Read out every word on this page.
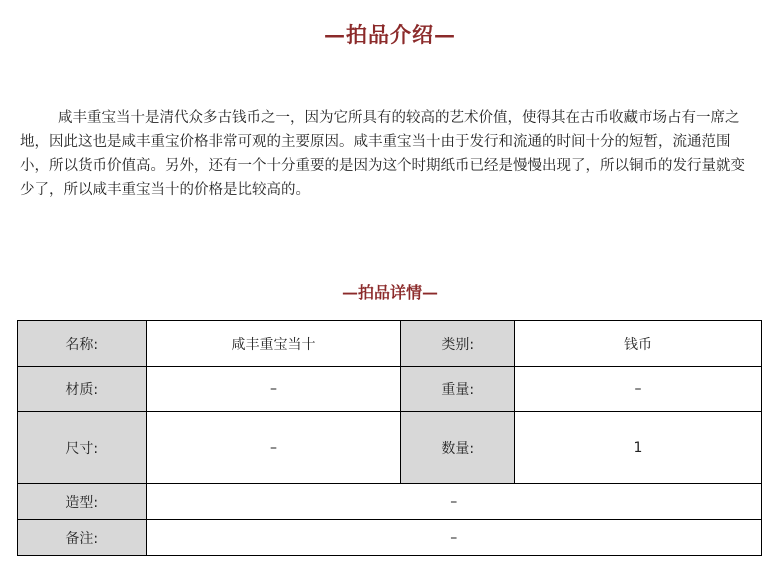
—拍品介绍—

咸丰重宝当十是清代众多古钱币之一，因为它所具有的较高的艺术价值，使得其在古币收藏市场占有一席之地，因此这也是咸丰重宝价格非常可观的主要原因。咸丰重宝当十由于发行和流通的时间十分的短暂，流通范围小，所以货币价值高。另外，还有一个十分重要的是因为这个时期纸币已经是慢慢出现了，所以铜币的发行量就变少了，所以咸丰重宝当十的价格是比较高的。

—拍品详情—
名称:	咸丰重宝当十	类别:	钱币
材质:	–	重量:	–
尺寸:	–	数量:	1
造型:	–		
备注:	–		
